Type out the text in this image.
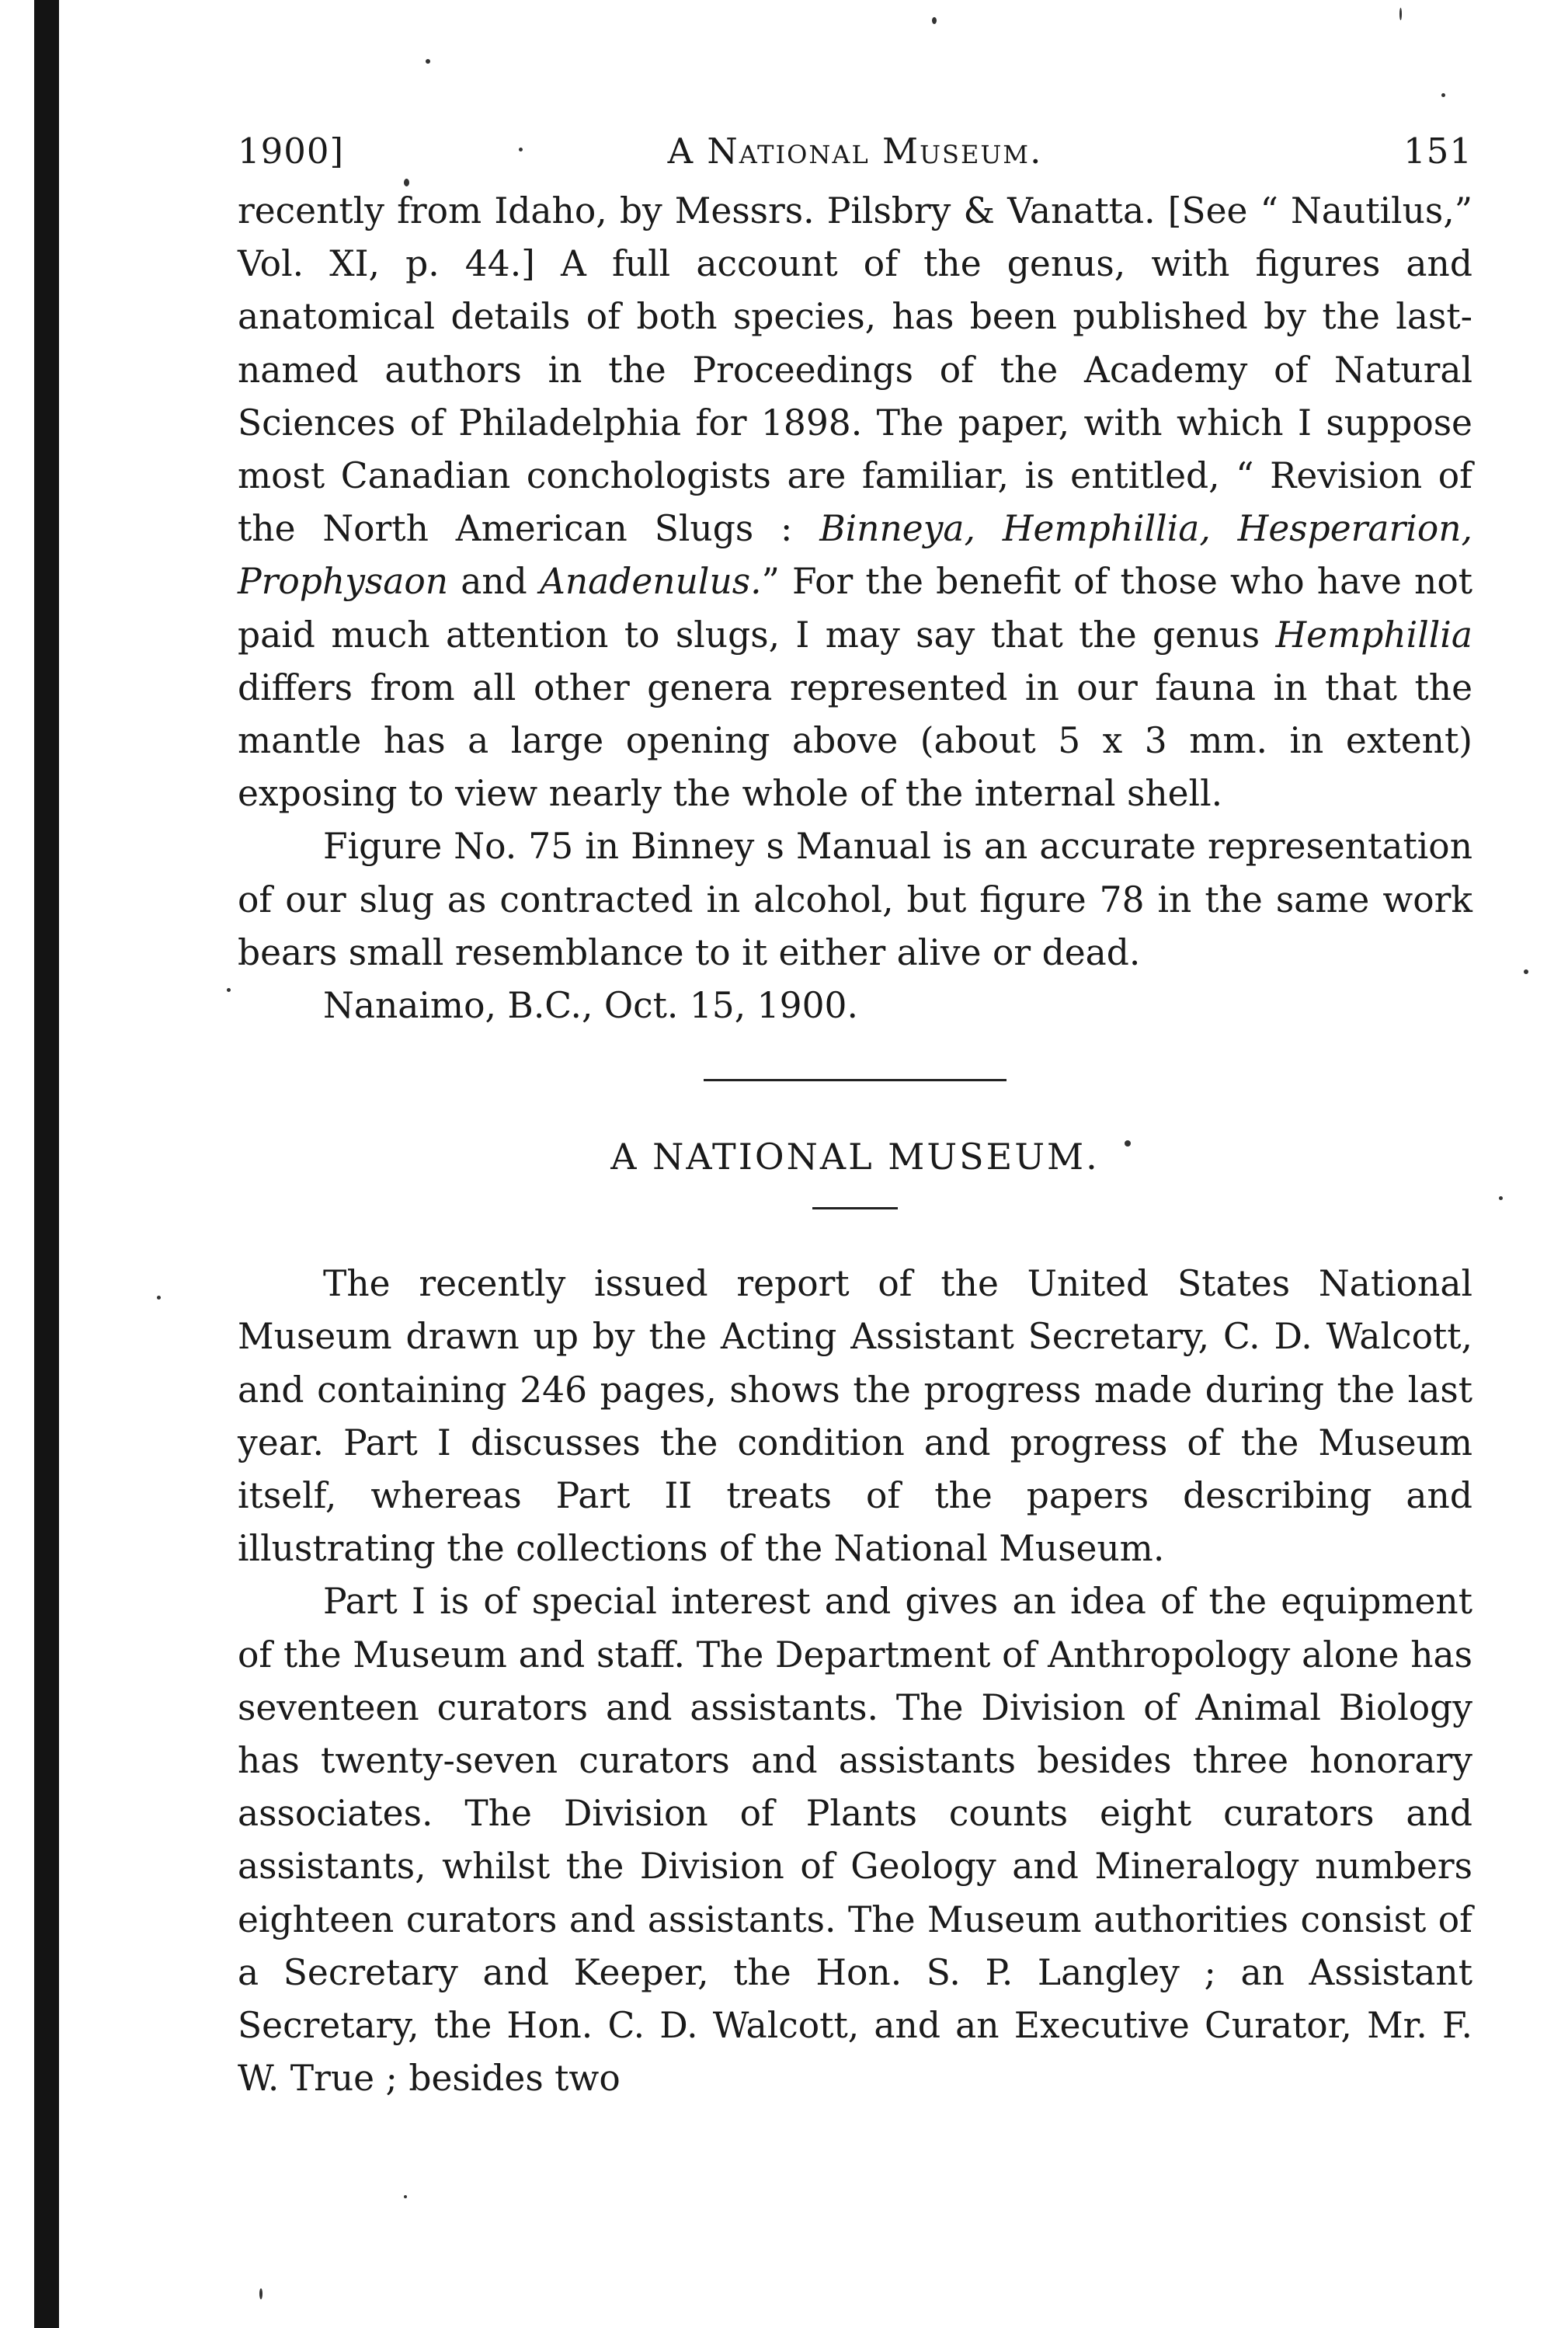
1900]	A National Museum.	151

recently from Idaho, by Messrs. Pilsbry & Vanatta. [See “ Nautilus,” Vol. XI, p. 44.] A full account of the genus, with figures and anatomical details of both species, has been published by the last-named authors in the Proceedings of the Academy of Natural Sciences of Philadelphia for 1898. The paper, with which I suppose most Canadian conchologists are familiar, is entitled, “ Revision of the North American Slugs : Binneya, Hemphillia, Hesperarion, Prophysaon and Anadenulus.” For the benefit of those who have not paid much attention to slugs, I may say that the genus Hemphillia differs from all other genera represented in our fauna in that the mantle has a large opening above (about 5 x 3 mm. in extent) exposing to view nearly the whole of the internal shell.

Figure No. 75 in Binney s Manual is an accurate representation of our slug as contracted in alcohol, but figure 78 in the same work bears small resemblance to it either alive or dead.

Nanaimo, B.C., Oct. 15, 1900.

A NATIONAL MUSEUM.

The recently issued report of the United States National Museum drawn up by the Acting Assistant Secretary, C. D. Walcott, and containing 246 pages, shows the progress made during the last year. Part I discusses the condition and progress of the Museum itself, whereas Part II treats of the papers describing and illustrating the collections of the National Museum.

Part I is of special interest and gives an idea of the equipment of the Museum and staff. The Department of Anthropology alone has seventeen curators and assistants. The Division of Animal Biology has twenty-seven curators and assistants besides three honorary associates. The Division of Plants counts eight curators and assistants, whilst the Division of Geology and Mineralogy numbers eighteen curators and assistants. The Museum authorities consist of a Secretary and Keeper, the Hon. S. P. Langley ; an Assistant Secretary, the Hon. C. D. Walcott, and an Executive Curator, Mr. F. W. True ; besides two
